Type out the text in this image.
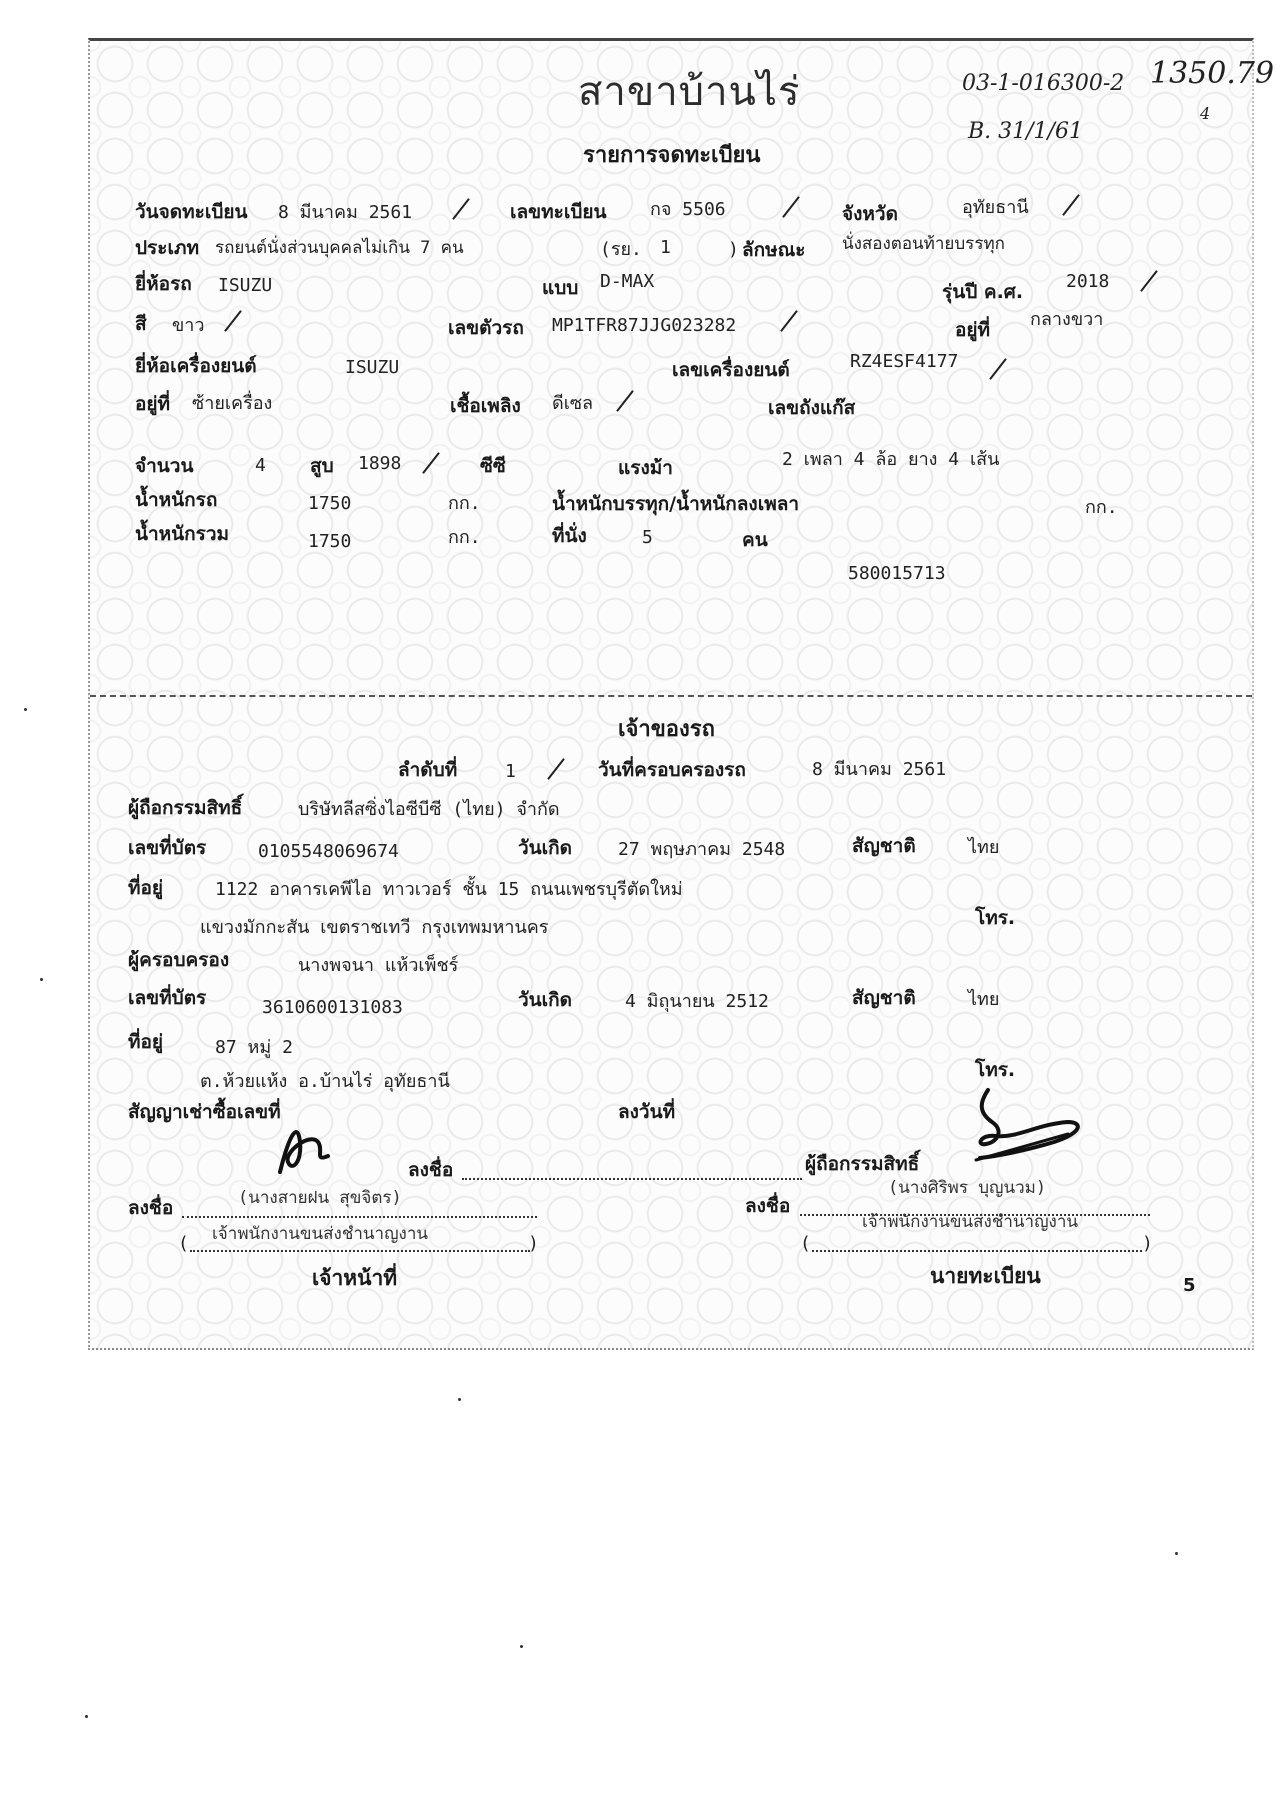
สาขาบ้านไร่	03-1-016300-2 1350.79
4
B. 31/1/61
รายการจดทะเบียน
วันจดทะเบียน 8 มีนาคม 2561	เลขทะเบียน กจ 5506	จังหวัด	อุทัยธานี
ประเภท รถยนต์นั่งส่วนบุคคลไม่เกิน 7 คน	(รย. 1	) ลักษณะ นั่งสองตอนท้ายบรรทุก
ยี่ห้อรถ ISUZU	แบบ D-MAX	รุ่นปี ค.ศ. 2018
สี ขาว	เลขตัวรถ MP1TFR87JJG023282	อยู่ที่ กลางขวา
ยี่ห้อเครื่องยนต์	ISUZU	เลขเครื่องยนต์	RZ4ESF4177
อยู่ที่ ซ้ายเครื่อง	เชื้อเพลิง ดีเซล	เลขถังแก๊ส
จำนวน	4 สูบ 1898	ซีซี	แรงม้า	2 เพลา 4 ล้อ ยาง 4 เส้น
น้ำหนักรถ	1750	กก.	น้ำหนักบรรทุก/น้ำหนักลงเพลา	กก.
น้ำหนักรวม	1750	กก.	ที่นั่ง	5	คน
580015713
เจ้าของรถ
ลำดับที่	1	วันที่ครอบครองรถ	8 มีนาคม 2561
ผู้ถือกรรมสิทธิ์	บริษัทลีสซิ่งไอซีบีซี (ไทย) จำกัด
เลขที่บัตร	0105548069674	วันเกิด	27 พฤษภาคม 2548	สัญชาติ	ไทย
ที่อยู่	1122 อาคารเคพีไอ ทาวเวอร์ ชั้น 15 ถนนเพชรบุรีตัดใหม่
แขวงมักกะสัน เขตราชเทวี กรุงเทพมหานคร	โทร.
ผู้ครอบครอง	นางพจนา แห้วเพ็ชร์
เลขที่บัตร	3610600131083	วันเกิด	4 มิถุนายน 2512	สัญชาติ	ไทย
ที่อยู่	87 หมู่ 2
ต.ห้วยแห้ง อ.บ้านไร่ อุทัยธานี
โทร.
สัญญาเช่าซื้อเลขที่	ลงวันที่
ลงชื่อ	ผู้ถือกรรมสิทธิ์
ลงชื่อ	(นางสายฝน สุขจิตร)
( เจ้าพนักงานขนส่งชำนาญงาน	)
เจ้าหน้าที่
ลงชื่อ
(นางศิริพร บุญนวม)
(
เจ้าพนักงานขนส่งชำนาญงาน
)
นายทะเบียน	5
